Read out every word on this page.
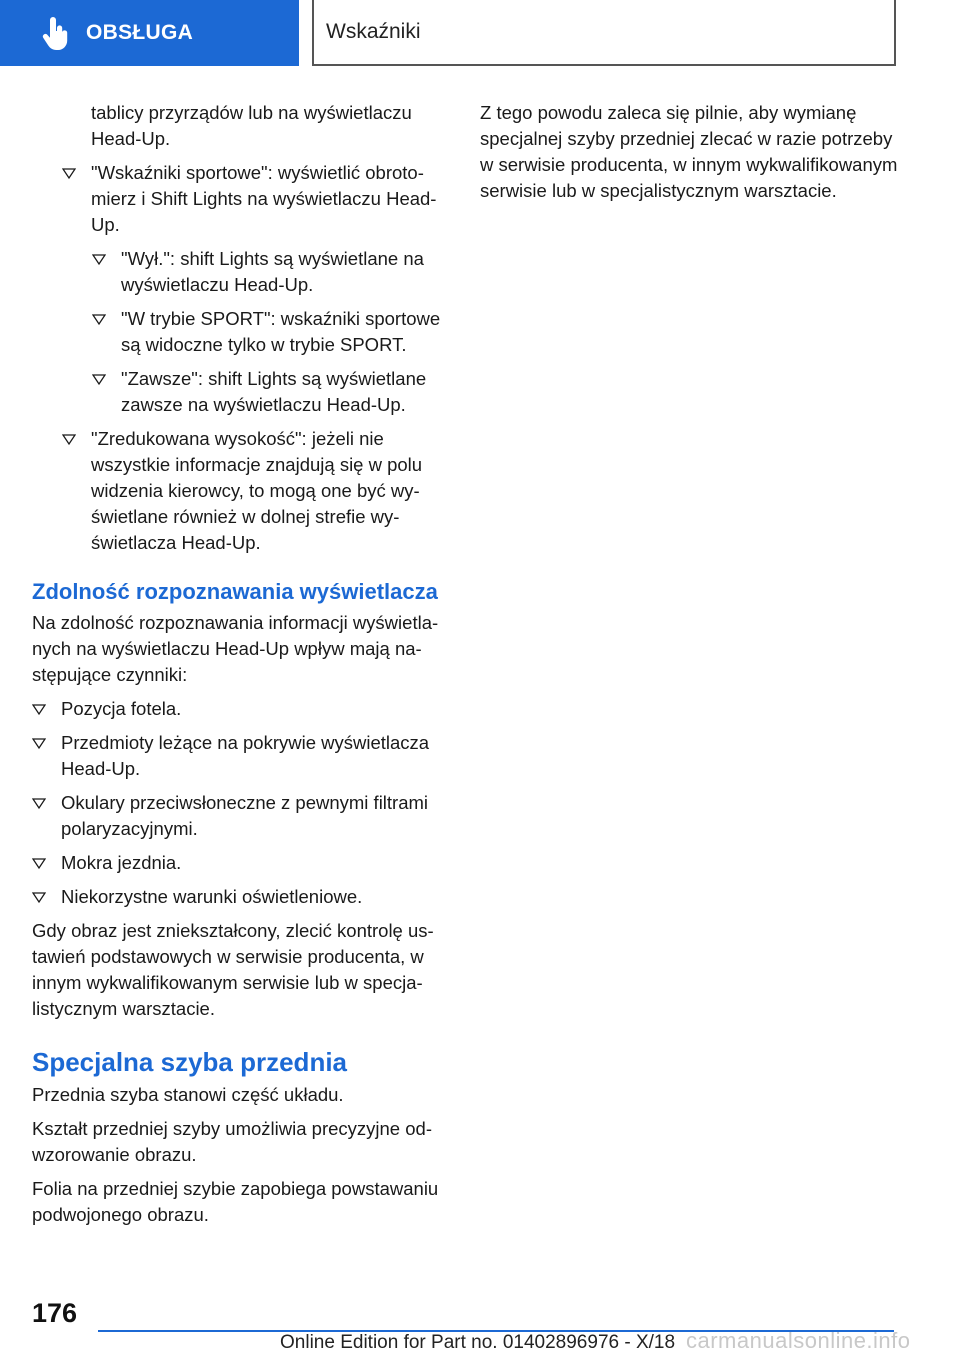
OBSŁUGA	Wskaźniki

tablicy przyrządów lub na wyświetlaczu Head-Up.

"Wskaźniki sportowe": wyświetlić obrotomierz i Shift Lights na wyświetlaczu Head-Up.

"Wył.": shift Lights są wyświetlane na wyświetlaczu Head-Up.

"W trybie SPORT": wskaźniki sportowe są widoczne tylko w trybie SPORT.

"Zawsze": shift Lights są wyświetlane zawsze na wyświetlaczu Head-Up.

"Zredukowana wysokość": jeżeli nie wszystkie informacje znajdują się w polu widzenia kierowcy, to mogą one być wyświetlane również w dolnej strefie wyświetlacza Head-Up.

Zdolność rozpoznawania wyświetlacza

Na zdolność rozpoznawania informacji wyświetlanych na wyświetlaczu Head-Up wpływ mają następujące czynniki:

Pozycja fotela.

Przedmioty leżące na pokrywie wyświetlacza Head-Up.

Okulary przeciwsłoneczne z pewnymi filtrami polaryzacyjnymi.

Mokra jezdnia.

Niekorzystne warunki oświetleniowe.

Gdy obraz jest zniekształcony, zlecić kontrolę ustawień podstawowych w serwisie producenta, w innym wykwalifikowanym serwisie lub w specjalistycznym warsztacie.

Specjalna szyba przednia

Przednia szyba stanowi część układu.

Kształt przedniej szyby umożliwia precyzyjne odwzorowanie obrazu.

Folia na przedniej szybie zapobiega powstawaniu podwojonego obrazu.

Z tego powodu zaleca się pilnie, aby wymianę specjalnej szyby przedniej zlecać w razie potrzeby w serwisie producenta, w innym wykwalifikowanym serwisie lub w specjalistycznym warsztacie.

176
Online Edition for Part no. 01402896976 - X/18 carmanualsonline.info
